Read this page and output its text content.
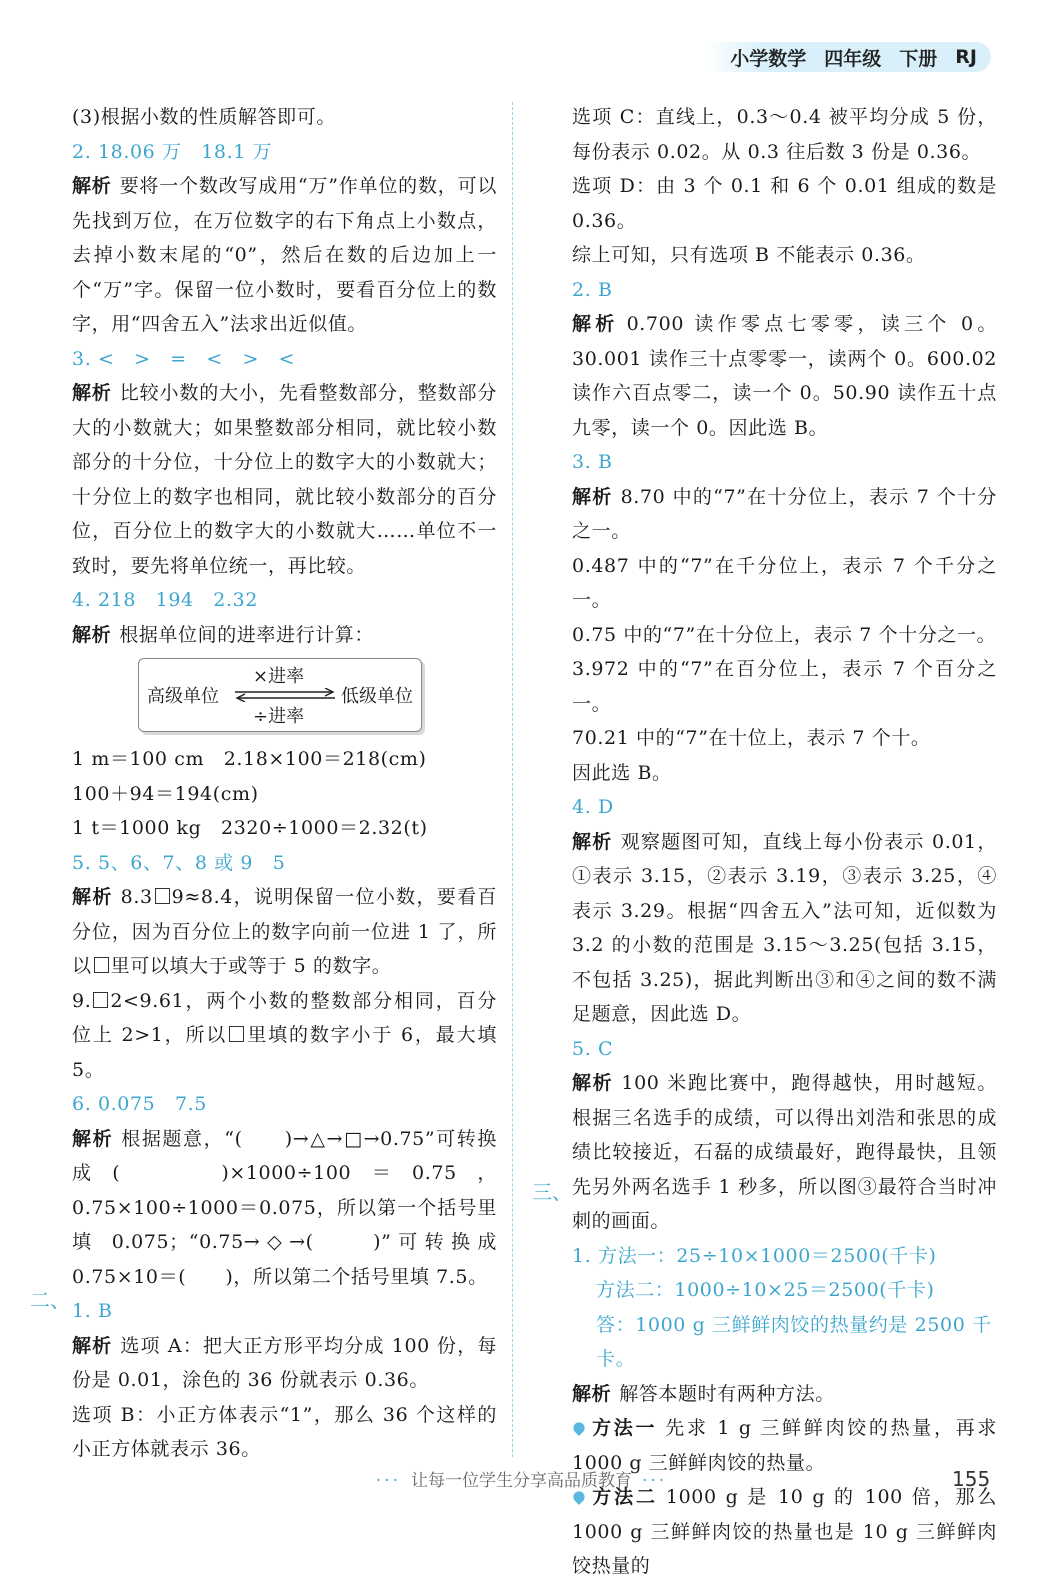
小学数学 四年级 下册 RJ

(3)根据小数的性质解答即可。

2. 18.06 万　18.1 万

解析 要将一个数改写成用“万”作单位的数，可以先找到万位，在万位数字的右下角点上小数点，去掉小数末尾的“0”，然后在数的后边加上一个“万”字。保留一位小数时，要看百分位上的数字，用“四舍五入”法求出近似值。

3. <　>　=　<　>　<

解析 比较小数的大小，先看整数部分，整数部分大的小数就大；如果整数部分相同，就比较小数部分的十分位，十分位上的数字大的小数就大；十分位上的数字也相同，就比较小数部分的百分位，百分位上的数字大的小数就大……单位不一致时，要先将单位统一，再比较。

4. 218　194　2.32

解析 根据单位间的进率进行计算：

高级单位
×进率
÷进率
低级单位

1 m＝100 cm　2.18×100＝218(cm)

100＋94＝194(cm)

1 t＝1000 kg　2320÷1000＝2.32(t)

5. 5、6、7、8 或 9　5

解析 8.3 9≈8.4，说明保留一位小数，要看百分位，因为百分位上的数字向前一位进 1 了，所以 里可以填大于或等于 5 的数字。

9. 2<9.61，两个小数的整数部分相同，百分位上 2>1，所以 里填的数字小于 6，最大填 5。

6. 0.075　7.5

解析 根据题意，“(　　)→△→□→0.75”可转换成(　　)×1000÷100＝0.75，0.75×100÷1000＝0.075，所以第一个括号里填 0.075；“0.75→◇→(　　)”可转换成 0.75×10＝(　　)，所以第二个括号里填 7.5。

1. B

解析 选项 A：把大正方形平均分成 100 份，每份是 0.01，涂色的 36 份就表示 0.36。

选项 B：小正方体表示“1”，那么 36 个这样的小正方体就表示 36。

二、

选项 C：直线上，0.3～0.4 被平均分成 5 份，每份表示 0.02。从 0.3 往后数 3 份是 0.36。

选项 D：由 3 个 0.1 和 6 个 0.01 组成的数是 0.36。

综上可知，只有选项 B 不能表示 0.36。

2. B

解析 0.700 读作零点七零零，读三个 0。30.001 读作三十点零零一，读两个 0。600.02 读作六百点零二，读一个 0。50.90 读作五十点九零，读一个 0。因此选 B。

3. B

解析 8.70 中的“7”在十分位上，表示 7 个十分之一。

0.487 中的“7”在千分位上，表示 7 个千分之一。

0.75 中的“7”在十分位上，表示 7 个十分之一。

3.972 中的“7”在百分位上，表示 7 个百分之一。

70.21 中的“7”在十位上，表示 7 个十。

因此选 B。

4. D

解析 观察题图可知，直线上每小份表示 0.01，①表示 3.15，②表示 3.19，③表示 3.25，④表示 3.29。根据“四舍五入”法可知，近似数为 3.2 的小数的范围是 3.15～3.25(包括 3.15，不包括 3.25)，据此判断出③和④之间的数不满足题意，因此选 D。

5. C

解析 100 米跑比赛中，跑得越快，用时越短。根据三名选手的成绩，可以得出刘浩和张思的成绩比较接近，石磊的成绩最好，跑得最快，且领先另外两名选手 1 秒多，所以图③最符合当时冲刺的画面。

1. 方法一：25÷10×1000＝2500(千卡)

方法二：1000÷10×25＝2500(千卡)

答：1000 g 三鲜鲜肉饺的热量约是 2500 千卡。

解析 解答本题时有两种方法。

方法一 先求 1 g 三鲜鲜肉饺的热量，再求 1000 g 三鲜鲜肉饺的热量。

方法二 1000 g 是 10 g 的 100 倍，那么 1000 g 三鲜鲜肉饺的热量也是 10 g 三鲜鲜肉饺热量的

三、
··· 让每一位学生分享高品质教育 ···	155
